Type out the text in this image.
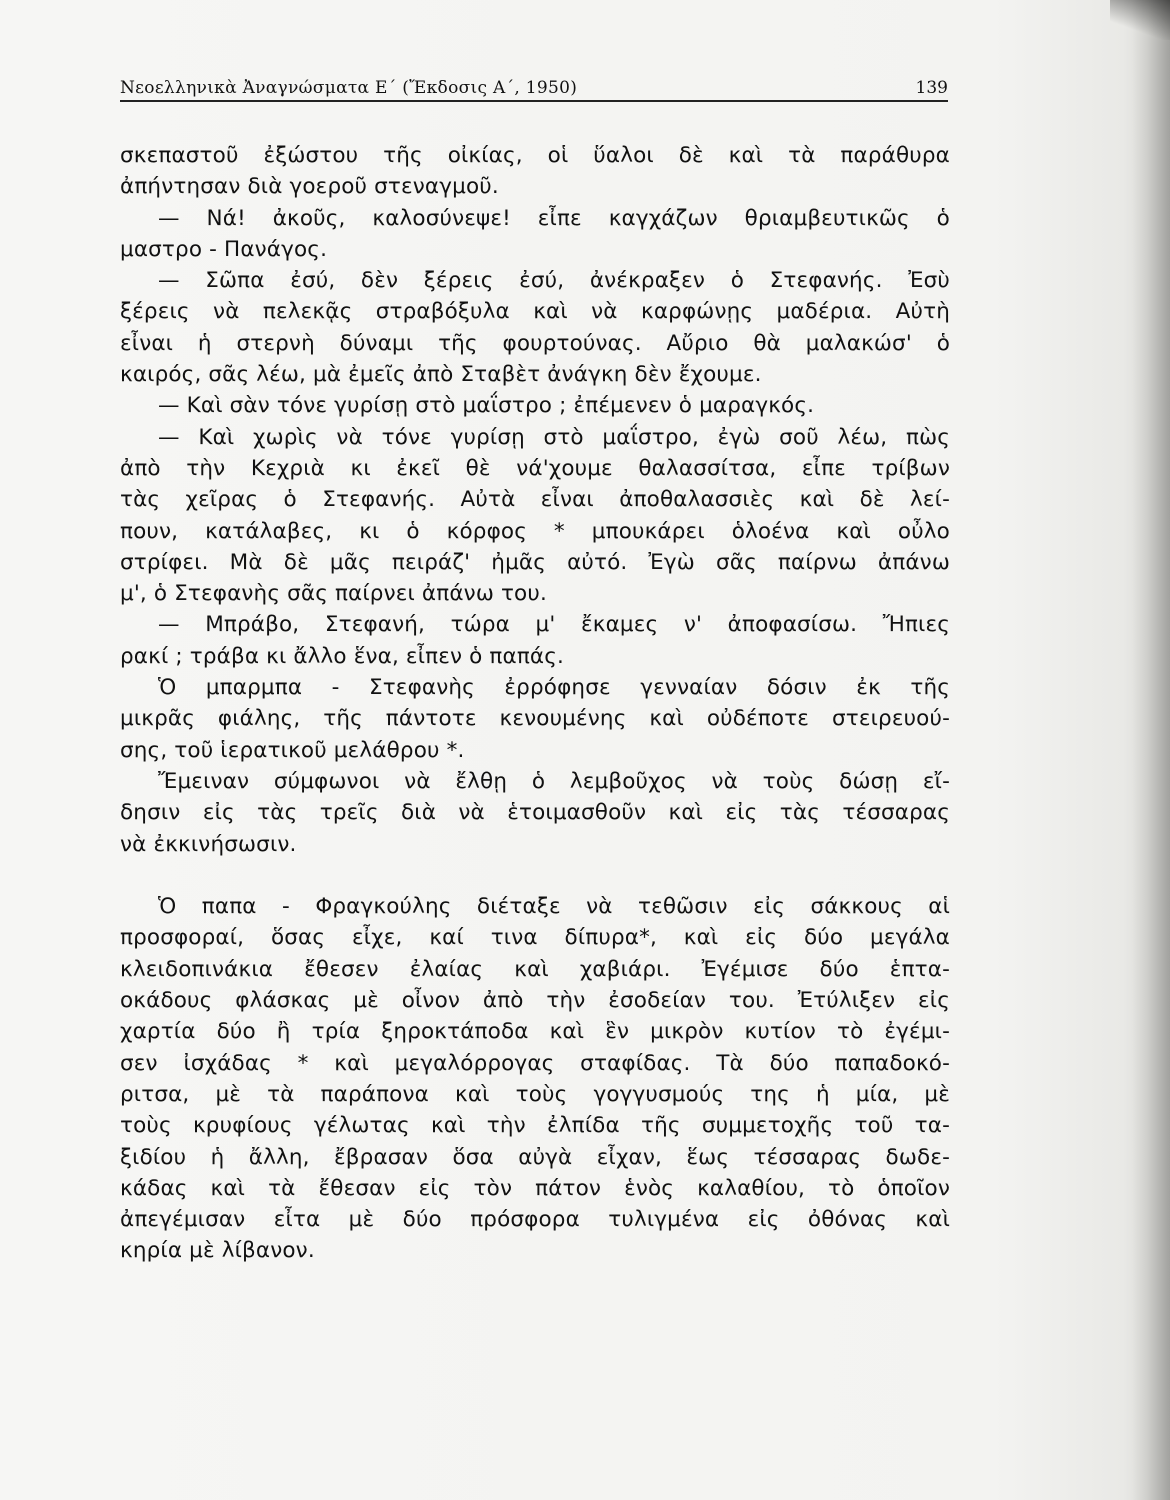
Νεοελληνικὰ Ἀναγνώσματα Ε΄ (Ἔκδοσις Α΄, 1950)	139
σκεπαστοῦ ἐξώστου τῆς οἰκίας, οἱ ὕαλοι δὲ καὶ τὰ παράθυρα
ἀπήντησαν διὰ γοεροῦ στεναγμοῦ.
— Νά! ἀκοῦς, καλοσύνεψε! εἶπε καγχάζων θριαμβευτικῶς ὁ
μαστρο - Πανάγος.
— Σῶπα ἐσύ, δὲν ξέρεις ἐσύ, ἀνέκραξεν ὁ Στεφανής. Ἐσὺ
ξέρεις νὰ πελεκᾷς στραβόξυλα καὶ νὰ καρφώνῃς μαδέρια. Αὐτὴ
εἶναι ἡ στερνὴ δύναμι τῆς φουρτούνας. Αὔριο θὰ μαλακώσ' ὁ
καιρός, σᾶς λέω, μὰ ἐμεῖς ἀπὸ Σταβὲτ ἀνάγκη δὲν ἔχουμε.
— Καὶ σὰν τόνε γυρίσῃ στὸ μαΐστρο ; ἐπέμενεν ὁ μαραγκός.
— Καὶ χωρὶς νὰ τόνε γυρίσῃ στὸ μαΐστρο, ἐγὼ σοῦ λέω, πὼς
ἀπὸ τὴν Κεχριὰ κι ἐκεῖ θὲ νά'χουμε θαλασσίτσα, εἶπε τρίβων
τὰς χεῖρας ὁ Στεφανής. Αὐτὰ εἶναι ἀποθαλασσιὲς καὶ δὲ λεί-
πουν, κατάλαβες, κι ὁ κόρφος * μπουκάρει ὁλοένα καὶ οὖλο
στρίφει. Μὰ δὲ μᾶς πειράζ' ἠμᾶς αὐτό. Ἐγὼ σᾶς παίρνω ἀπάνω
μ', ὁ Στεφανὴς σᾶς παίρνει ἀπάνω του.
— Μπράβο, Στεφανή, τώρα μ' ἔκαμες ν' ἀποφασίσω. Ἤπιες
ρακί ; τράβα κι ἄλλο ἕνα, εἶπεν ὁ παπάς.
Ὁ μπαρμπα - Στεφανὴς ἐρρόφησε γενναίαν δόσιν ἐκ τῆς
μικρᾶς φιάλης, τῆς πάντοτε κενουμένης καὶ οὐδέποτε στειρευού-
σης, τοῦ ἱερατικοῦ μελάθρου *.
Ἔμειναν σύμφωνοι νὰ ἔλθῃ ὁ λεμβοῦχος νὰ τοὺς δώσῃ εἴ-
δησιν εἰς τὰς τρεῖς διὰ νὰ ἑτοιμασθοῦν καὶ εἰς τὰς τέσσαρας
νὰ ἐκκινήσωσιν.
Ὁ παπα - Φραγκούλης διέταξε νὰ τεθῶσιν εἰς σάκκους αἱ
προσφοραί, ὅσας εἶχε, καί τινα δίπυρα*, καὶ εἰς δύο μεγάλα
κλειδοπινάκια ἔθεσεν ἐλαίας καὶ χαβιάρι. Ἐγέμισε δύο ἑπτα-
οκάδους φλάσκας μὲ οἶνον ἀπὸ τὴν ἐσοδείαν του. Ἐτύλιξεν εἰς
χαρτία δύο ἢ τρία ξηροκτάποδα καὶ ἓν μικρὸν κυτίον τὸ ἐγέμι-
σεν ἰσχάδας * καὶ μεγαλόρρογας σταφίδας. Τὰ δύο παπαδοκό-
ριτσα, μὲ τὰ παράπονα καὶ τοὺς γογγυσμούς της ἡ μία, μὲ
τοὺς κρυφίους γέλωτας καὶ τὴν ἐλπίδα τῆς συμμετοχῆς τοῦ τα-
ξιδίου ἡ ἄλλη, ἔβρασαν ὅσα αὐγὰ εἶχαν, ἕως τέσσαρας δωδε-
κάδας καὶ τὰ ἔθεσαν εἰς τὸν πάτον ἑνὸς καλαθίου, τὸ ὁποῖον
ἀπεγέμισαν εἶτα μὲ δύο πρόσφορα τυλιγμένα εἰς ὀθόνας καὶ
κηρία μὲ λίβανον.
